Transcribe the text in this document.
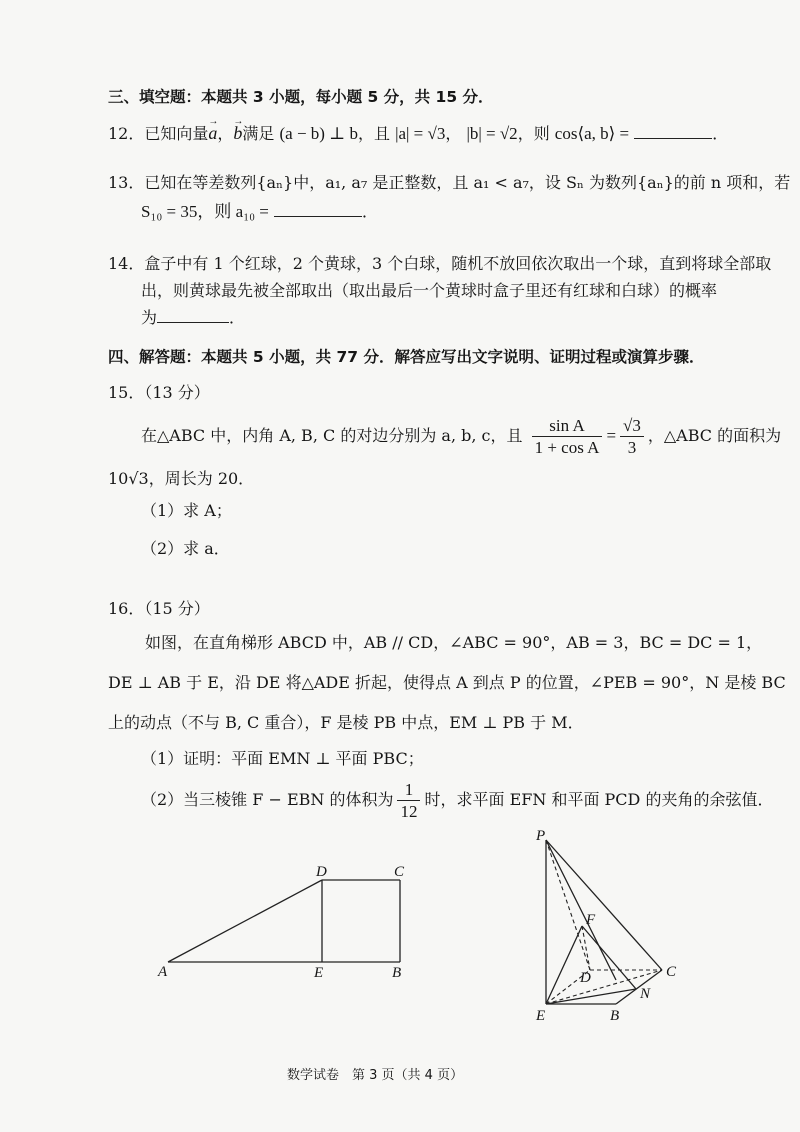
三、填空题：本题共 3 小题，每小题 5 分，共 15 分．
12．已知向量→ a，→ b满足 (a − b) ⊥ b，且 |a| = √3， |b| = √2，则 cos⟨a, b⟩ =	．
13．已知在等差数列{aₙ}中，a₁, a₇ 是正整数，且 a₁ < a₇，设 Sₙ 为数列{aₙ}的前 n 项和，若
S₁₀ = 35，则 a₁₀ =	．
14．盒子中有 1 个红球，2 个黄球，3 个白球，随机不放回依次取出一个球，直到将球全部取
出，则黄球最先被全部取出（取出最后一个黄球时盒子里还有红球和白球）的概率
为	．
四、解答题：本题共 5 小题，共 77 分．解答应写出文字说明、证明过程或演算步骤．
15．（13 分）
在△ABC 中，内角 A, B, C 的对边分别为 a, b, c，且 $\frac{\text{sin A}}{\text{1 + cos A}} = \frac{√3}{3}$ ，△ABC 的面积为
10√3，周长为 20．
（1）求 A；
（2）求 a．
16．（15 分）
如图，在直角梯形 ABCD 中，AB // CD，∠ABC = 90°，AB = 3，BC = DC = 1，
DE ⊥ AB 于 E，沿 DE 将△ADE 折起，使得点 A 到点 P 的位置，∠PEB = 90°，N 是棱 BC
上的动点（不与 B, C 重合），F 是棱 PB 中点，EM ⊥ PB 于 M．
（1）证明：平面 EMN ⊥ 平面 PBC；
（2）当三棱锥 F − EBN 的体积为 $\frac{1}{12}$ 时，求平面 EFN 和平面 PCD 的夹角的余弦值．
A	E	B
D	C
P
F
D	C
N
E	B
数学试卷　第 3 页（共 4 页）
